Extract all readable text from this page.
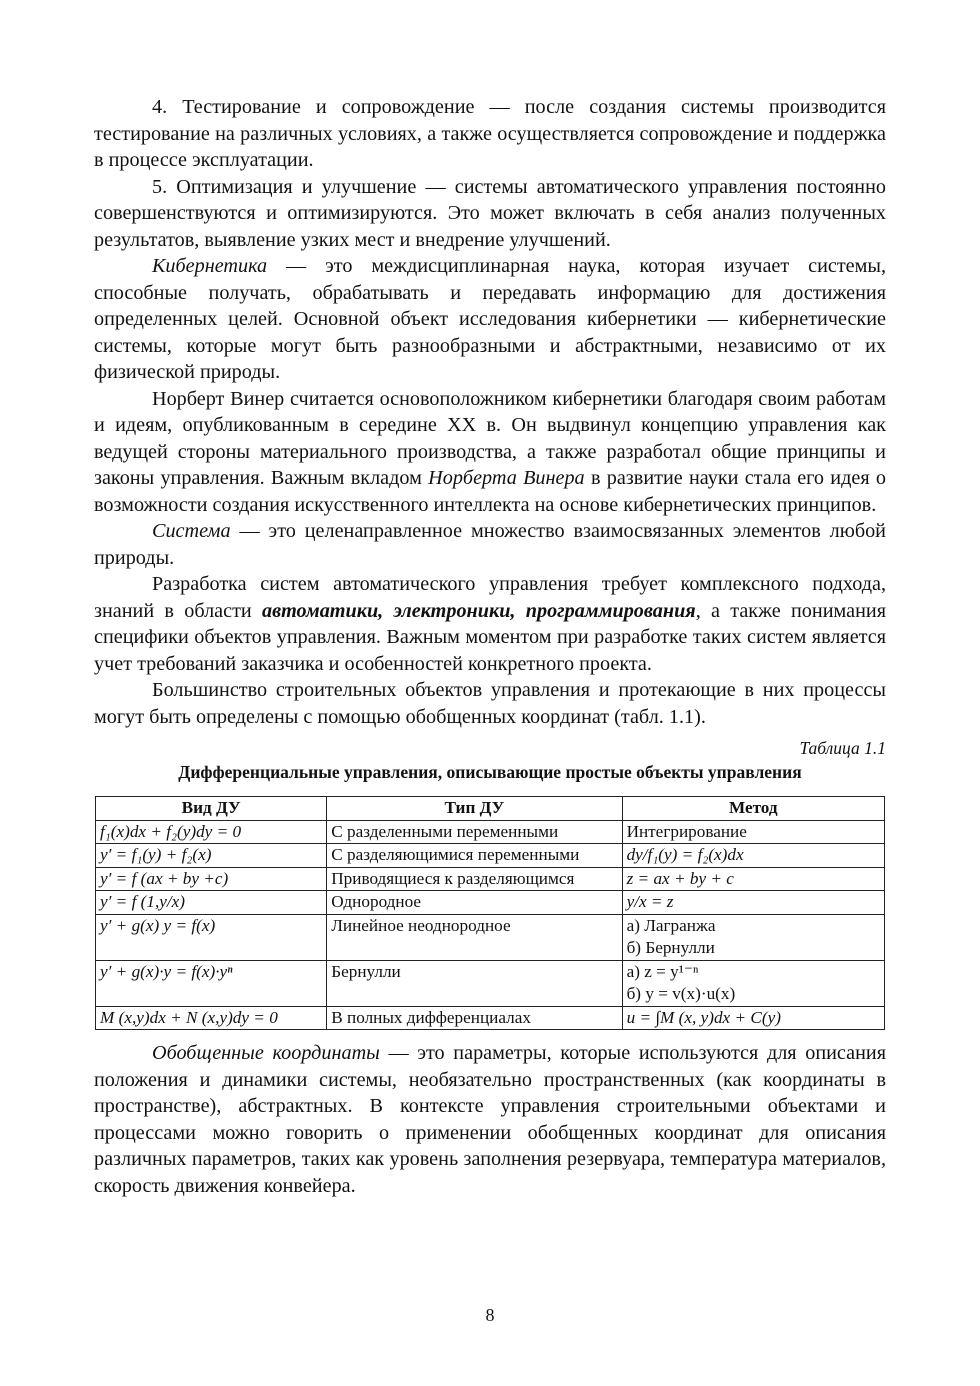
4. Тестирование и сопровождение — после создания системы производится тестирование на различных условиях, а также осуществляется сопровождение и поддержка в процессе эксплуатации.

5. Оптимизация и улучшение — системы автоматического управления постоянно совершенствуются и оптимизируются. Это может включать в себя анализ полученных результатов, выявление узких мест и внедрение улучшений.

Кибернетика — это междисциплинарная наука, которая изучает системы, способные получать, обрабатывать и передавать информацию для достижения определенных целей. Основной объект исследования кибернетики — кибернетические системы, которые могут быть разнообразными и абстрактными, независимо от их физической природы.

Норберт Винер считается основоположником кибернетики благодаря своим работам и идеям, опубликованным в середине XX в. Он выдвинул концепцию управления как ведущей стороны материального производства, а также разработал общие принципы и законы управления. Важным вкладом Норберта Винера в развитие науки стала его идея о возможности создания искусственного интеллекта на основе кибернетических принципов.

Система — это целенаправленное множество взаимосвязанных элементов любой природы.

Разработка систем автоматического управления требует комплексного подхода, знаний в области автоматики, электроники, программирования, а также понимания специфики объектов управления. Важным моментом при разработке таких систем является учет требований заказчика и особенностей конкретного проекта.

Большинство строительных объектов управления и протекающие в них процессы могут быть определены с помощью обобщенных координат (табл. 1.1).

Таблица 1.1
Дифференциальные управления, описывающие простые объекты управления
Вид ДУ	Тип ДУ	Метод
f₁(x)dx + f₂(y)dy = 0	С разделенными переменными	Интегрирование
y′ = f₁(y) + f₂(x)	С разделяющимися переменными	dy/f₁(y) = f₂(x)dx
y′ = f (ax + by +c)	Приводящиеся к разделяющимся	z = ax + by + c
y′ = f (1,y/x)	Однородное	y/x = z
y′ + g(x) y = f(x)	Линейное неоднородное	а) Лагранжа
б) Бернулли

y′ + g(x)·y = f(x)·yⁿ	Бернулли	а) z = y¹⁻ⁿ
б) y = v(x)·u(x)

M (x,y)dx + N (x,y)dy = 0	В полных дифференциалах	u = ∫M (x, y)dx + C(y)

Обобщенные координаты — это параметры, которые используются для описания положения и динамики системы, необязательно пространственных (как координаты в пространстве), абстрактных. В контексте управления строительными объектами и процессами можно говорить о применении обобщенных координат для описания различных параметров, таких как уровень заполнения резервуара, температура материалов, скорость движения конвейера.

8
